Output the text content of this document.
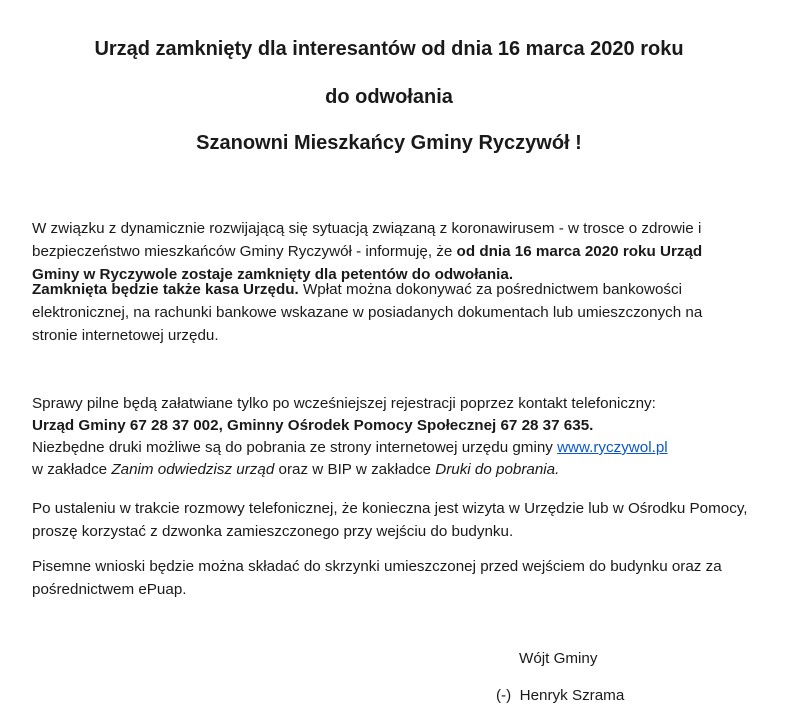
Urząd zamknięty dla interesantów od dnia 16 marca 2020 roku
do odwołania
Szanowni Mieszkańcy Gminy Ryczywół !
W związku z dynamicznie rozwijającą się sytuacją związaną z koronawirusem - w trosce o zdrowie i bezpieczeństwo mieszkańców Gminy Ryczywół - informuję, że od dnia 16 marca 2020 roku Urząd Gminy w Ryczywole zostaje zamknięty dla petentów do odwołania.
Zamknięta będzie także kasa Urzędu. Wpłat można dokonywać za pośrednictwem bankowości elektronicznej, na rachunki bankowe wskazane w posiadanych dokumentach lub umieszczonych na stronie internetowej urzędu.
Sprawy pilne będą załatwiane tylko po wcześniejszej rejestracji poprzez kontakt telefoniczny:
Urząd Gminy 67 28 37 002, Gminny Ośrodek Pomocy Społecznej 67 28 37 635.
Niezbędne druki możliwe są do pobrania ze strony internetowej urzędu gminy www.ryczywol.pl
w zakładce Zanim odwiedzisz urząd oraz w BIP w zakładce Druki do pobrania.
Po ustaleniu w trakcie rozmowy telefonicznej, że konieczna jest wizyta w Urzędzie lub w Ośrodku Pomocy, proszę korzystać z dzwonka zamieszczonego przy wejściu do budynku.
Pisemne wnioski będzie można składać do skrzynki umieszczonej przed wejściem do budynku oraz za pośrednictwem ePuap.
Wójt Gminy
(-)  Henryk Szrama
